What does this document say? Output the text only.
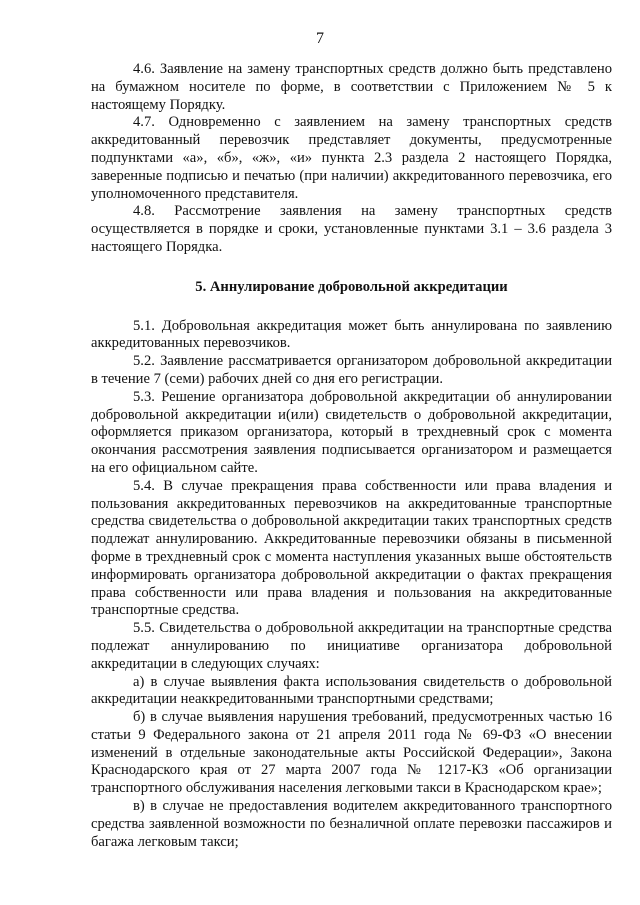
7

4.6. Заявление на замену транспортных средств должно быть представлено на бумажном носителе по форме, в соответствии с Приложением № 5 к настоящему Порядку.

4.7. Одновременно с заявлением на замену транспортных средств аккредитованный перевозчик представляет документы, предусмотренные подпунктами «а», «б», «ж», «и» пункта 2.3 раздела 2 настоящего Порядка, заверенные подписью и печатью (при наличии) аккредитованного перевозчика, его уполномоченного представителя.

4.8. Рассмотрение заявления на замену транспортных средств осуществляется в порядке и сроки, установленные пунктами 3.1 – 3.6 раздела 3 настоящего Порядка.

5. Аннулирование добровольной аккредитации

5.1. Добровольная аккредитация может быть аннулирована по заявлению аккредитованных перевозчиков.

5.2. Заявление рассматривается организатором добровольной аккредитации в течение 7 (семи) рабочих дней со дня его регистрации.

5.3. Решение организатора добровольной аккредитации об аннулировании добровольной аккредитации и(или) свидетельств о добровольной аккредитации, оформляется приказом организатора, который в трехдневный срок с момента окончания рассмотрения заявления подписывается организатором и размещается на его официальном сайте.

5.4. В случае прекращения права собственности или права владения и пользования аккредитованных перевозчиков на аккредитованные транспортные средства свидетельства о добровольной аккредитации таких транспортных средств подлежат аннулированию. Аккредитованные перевозчики обязаны в письменной форме в трехдневный срок с момента наступления указанных выше обстоятельств информировать организатора добровольной аккредитации о фактах прекращения права собственности или права владения и пользования на аккредитованные транспортные средства.

5.5. Свидетельства о добровольной аккредитации на транспортные средства подлежат аннулированию по инициативе организатора добровольной аккредитации в следующих случаях:

а) в случае выявления факта использования свидетельств о добровольной аккредитации неаккредитованными транспортными средствами;

б) в случае выявления нарушения требований, предусмотренных частью 16 статьи 9 Федерального закона от 21 апреля 2011 года № 69-ФЗ «О внесении изменений в отдельные законодательные акты Российской Федерации», Закона Краснодарского края от 27 марта 2007 года № 1217-КЗ «Об организации транспортного обслуживания населения легковыми такси в Краснодарском крае»;

в) в случае не предоставления водителем аккредитованного транспортного средства заявленной возможности по безналичной оплате перевозки пассажиров и багажа легковым такси;
